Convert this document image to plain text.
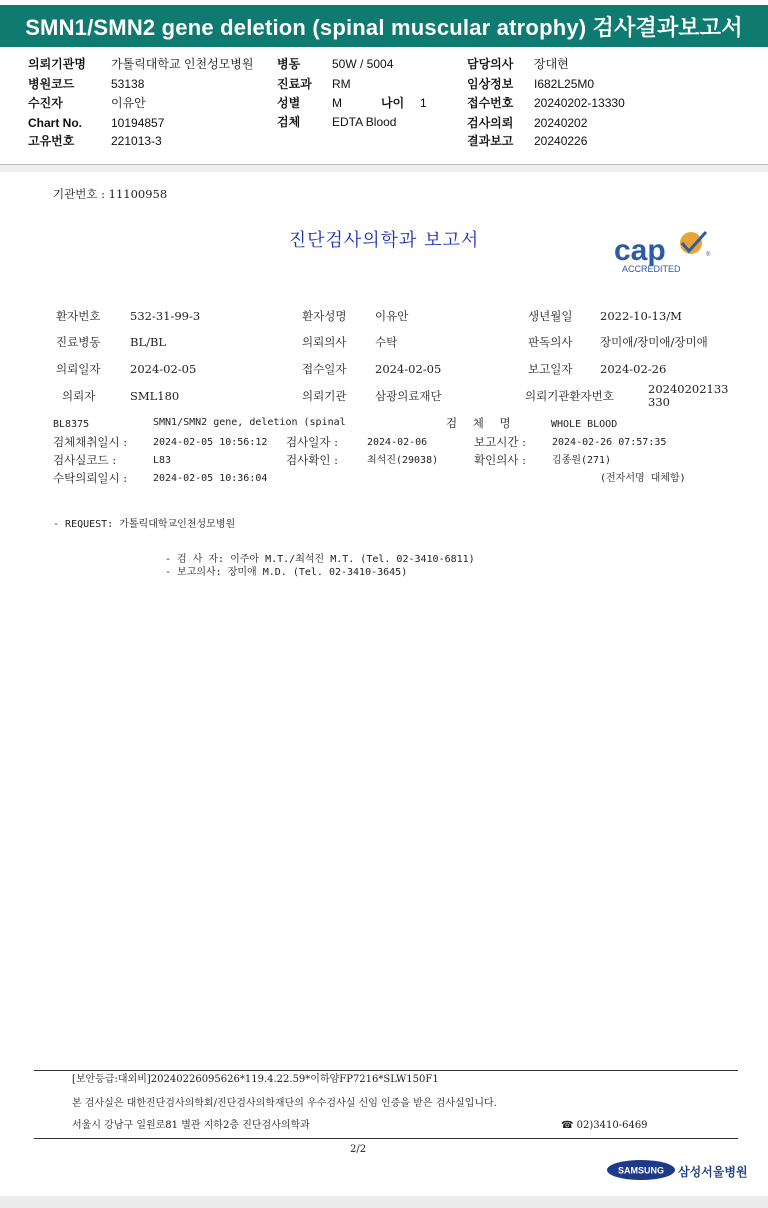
SMN1/SMN2 gene deletion (spinal muscular atrophy) 검사결과보고서
의뢰기관명 가톨릭대학교 인천성모병원
병원코드	53138
수진자	이유안
Chart No. 10194857
고유번호	221013-3
병동	50W / 5004
진료과 RM
성별	M	나이 1
검체	EDTA Blood
담당의사 장대현
임상정보 I682L25M0
접수번호 20240202-13330
검사의뢰 20240202
결과보고 20240226
기관번호 : 11100958
진단검사의학과 보고서	cap	®
ACCREDITED
환자번호	532-31-99-3	환자성명 이유안	생년월일 2022-10-13/M
진료병동	BL/BL	의뢰의사 수탁	판독의사 장미애/장미애/장미애
의뢰일자	2024-02-05	접수일자 2024-02-05	보고일자 2024-02-26
의뢰자	SML180	의뢰기관 삼광의료재단	의뢰기관환자번호	20240202133330
BL8375	SMN1/SMN2 gene, deletion (spinal	검 체 명	WHOLE BLOOD
검체채취일시 :	2024-02-05 10:56:12 검사일자 :	2024-02-06	보고시간 :	2024-02-26 07:57:35
검사실코드 :	L83	검사확인 :	최석진(29038)	확인의사 :	김종원(271)
수탁의뢰일시 :	2024-02-05 10:36:04	(전자서명 대체함)
- REQUEST: 가톨릭대학교인천성모병원
- 검 사 자: 이주아 M.T./최석진 M.T. (Tel. 02-3410-6811)
- 보고의사: 장미애 M.D. (Tel. 02-3410-3645)
[보안등급:대외비]20240226095626*119.4.22.59*이하얌FP7216*SLW150F1
본 검사실은 대한진단검사의학회/진단검사의학재단의 우수검사실 신임 인증을 받은 검사실입니다.
서울시 강남구 일원로81 별관 지하2층 진단검사의학과	☎ 02)3410-6469
2/2
SAMSUNG 삼성서울병원
